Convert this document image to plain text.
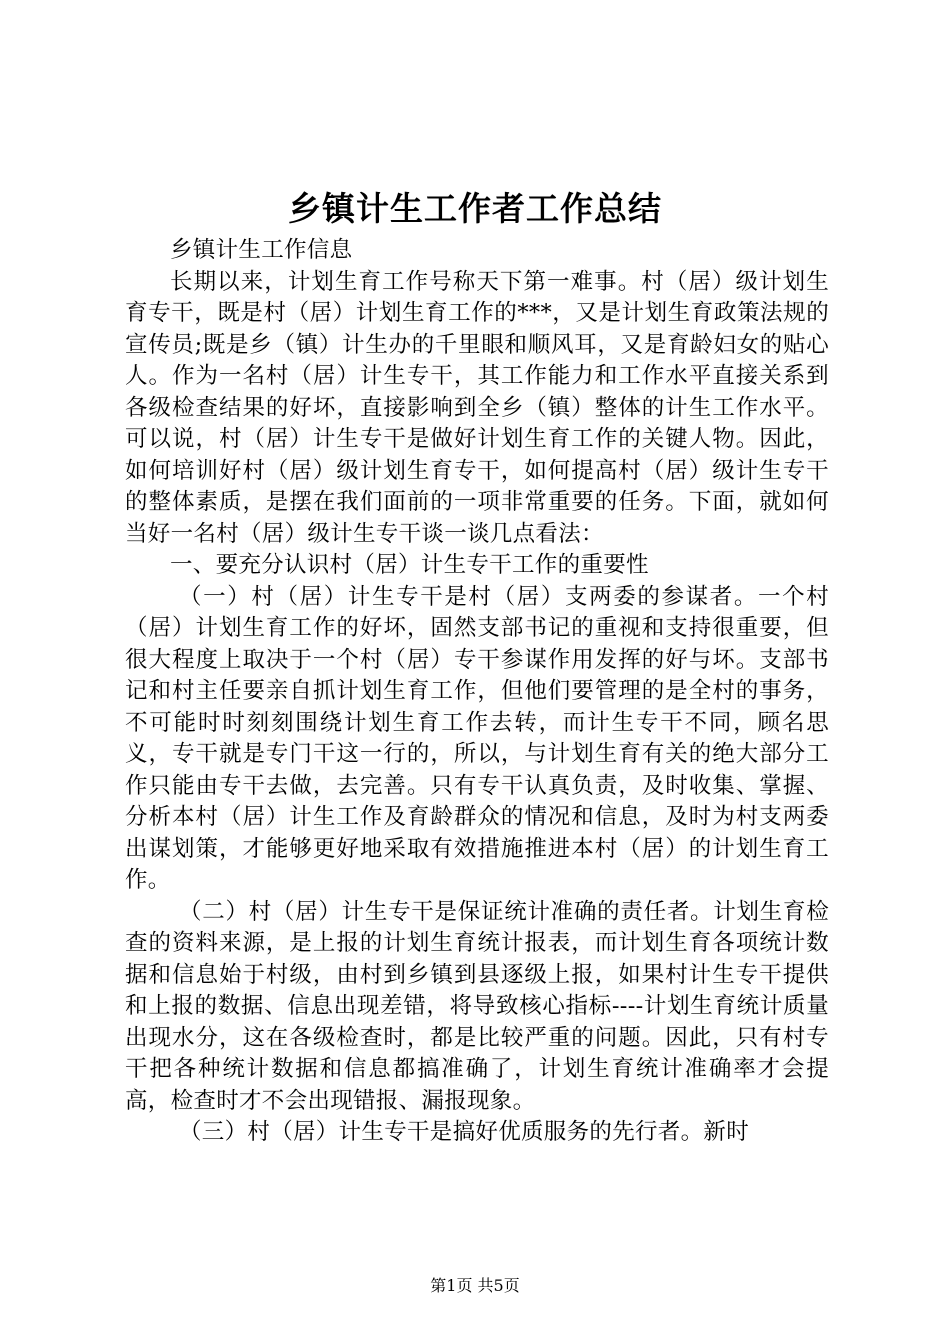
乡镇计生工作者工作总结

乡镇计生工作信息

长期以来，计划生育工作号称天下第一难事。村（居）级计划生育专干，既是村（居）计划生育工作的***，又是计划生育政策法规的宣传员;既是乡（镇）计生办的千里眼和顺风耳，又是育龄妇女的贴心人。作为一名村（居）计生专干，其工作能力和工作水平直接关系到各级检查结果的好坏，直接影响到全乡（镇）整体的计生工作水平。可以说，村（居）计生专干是做好计划生育工作的关键人物。因此，如何培训好村（居）级计划生育专干，如何提高村（居）级计生专干的整体素质，是摆在我们面前的一项非常重要的任务。下面，就如何当好一名村（居）级计生专干谈一谈几点看法：

一、要充分认识村（居）计生专干工作的重要性

（一）村（居）计生专干是村（居）支两委的参谋者。一个村（居）计划生育工作的好坏，固然支部书记的重视和支持很重要，但很大程度上取决于一个村（居）专干参谋作用发挥的好与坏。支部书记和村主任要亲自抓计划生育工作，但他们要管理的是全村的事务，不可能时时刻刻围绕计划生育工作去转，而计生专干不同，顾名思义，专干就是专门干这一行的，所以，与计划生育有关的绝大部分工作只能由专干去做，去完善。只有专干认真负责，及时收集、掌握、分析本村（居）计生工作及育龄群众的情况和信息，及时为村支两委出谋划策，才能够更好地采取有效措施推进本村（居）的计划生育工作。

（二）村（居）计生专干是保证统计准确的责任者。计划生育检查的资料来源，是上报的计划生育统计报表，而计划生育各项统计数据和信息始于村级，由村到乡镇到县逐级上报，如果村计生专干提供和上报的数据、信息出现差错，将导致核心指标----计划生育统计质量出现水分，这在各级检查时，都是比较严重的问题。因此，只有村专干把各种统计数据和信息都搞准确了，计划生育统计准确率才会提高，检查时才不会出现错报、漏报现象。

（三）村（居）计生专干是搞好优质服务的先行者。新时

第1页 共5页
